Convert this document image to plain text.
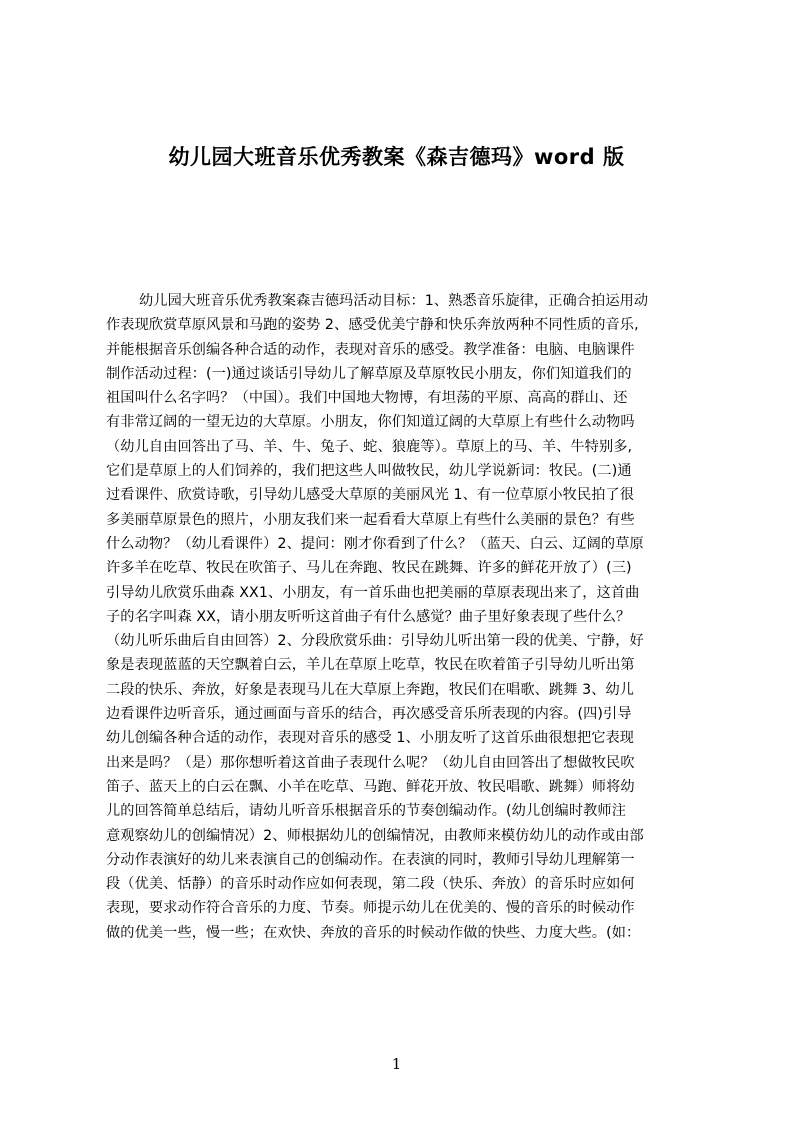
幼儿园大班音乐优秀教案《森吉德玛》word 版
幼儿园大班音乐优秀教案森吉德玛活动目标：1、熟悉音乐旋律，正确合拍运用动
作表现欣赏草原风景和马跑的姿势 2、感受优美宁静和快乐奔放两种不同性质的音乐,
并能根据音乐创编各种合适的动作，表现对音乐的感受。教学准备：电脑、电脑课件
制作活动过程：(一)通过谈话引导幼儿了解草原及草原牧民小朋友，你们知道我们的
祖国叫什么名字吗？（中国）。我们中国地大物博，有坦荡的平原、高高的群山、还
有非常辽阔的一望无边的大草原。小朋友，你们知道辽阔的大草原上有些什么动物吗
（幼儿自由回答出了马、羊、牛、兔子、蛇、狼鹿等）。草原上的马、羊、牛特别多,
它们是草原上的人们饲养的，我们把这些人叫做牧民，幼儿学说新词：牧民。(二)通
过看课件、欣赏诗歌，引导幼儿感受大草原的美丽风光 1、有一位草原小牧民拍了很
多美丽草原景色的照片，小朋友我们来一起看看大草原上有些什么美丽的景色？有些
什么动物？（幼儿看课件）2、提问：刚才你看到了什么？（蓝天、白云、辽阔的草原
许多羊在吃草、牧民在吹笛子、马儿在奔跑、牧民在跳舞、许多的鲜花开放了）(三)
引导幼儿欣赏乐曲森 XX1、小朋友，有一首乐曲也把美丽的草原表现出来了，这首曲
子的名字叫森 XX，请小朋友听听这首曲子有什么感觉？曲子里好象表现了些什么？
（幼儿听乐曲后自由回答）2、分段欣赏乐曲：引导幼儿听出第一段的优美、宁静，好
象是表现蓝蓝的天空飘着白云，羊儿在草原上吃草，牧民在吹着笛子引导幼儿听出第
二段的快乐、奔放，好象是表现马儿在大草原上奔跑，牧民们在唱歌、跳舞 3、幼儿
边看课件边听音乐，通过画面与音乐的结合，再次感受音乐所表现的内容。(四)引导
幼儿创编各种合适的动作，表现对音乐的感受 1、小朋友听了这首乐曲很想把它表现
出来是吗？（是）那你想听着这首曲子表现什么呢？（幼儿自由回答出了想做牧民吹
笛子、蓝天上的白云在飘、小羊在吃草、马跑、鲜花开放、牧民唱歌、跳舞）师将幼
儿的回答简单总结后，请幼儿听音乐根据音乐的节奏创编动作。(幼儿创编时教师注
意观察幼儿的创编情况）2、师根据幼儿的创编情况，由教师来模仿幼儿的动作或由部
分动作表演好的幼儿来表演自己的创编动作。在表演的同时，教师引导幼儿理解第一
段（优美、恬静）的音乐时动作应如何表现，第二段（快乐、奔放）的音乐时应如何
表现，要求动作符合音乐的力度、节奏。师提示幼儿在优美的、慢的音乐的时候动作
做的优美一些，慢一些；在欢快、奔放的音乐的时候动作做的快些、力度大些。(如：
1
